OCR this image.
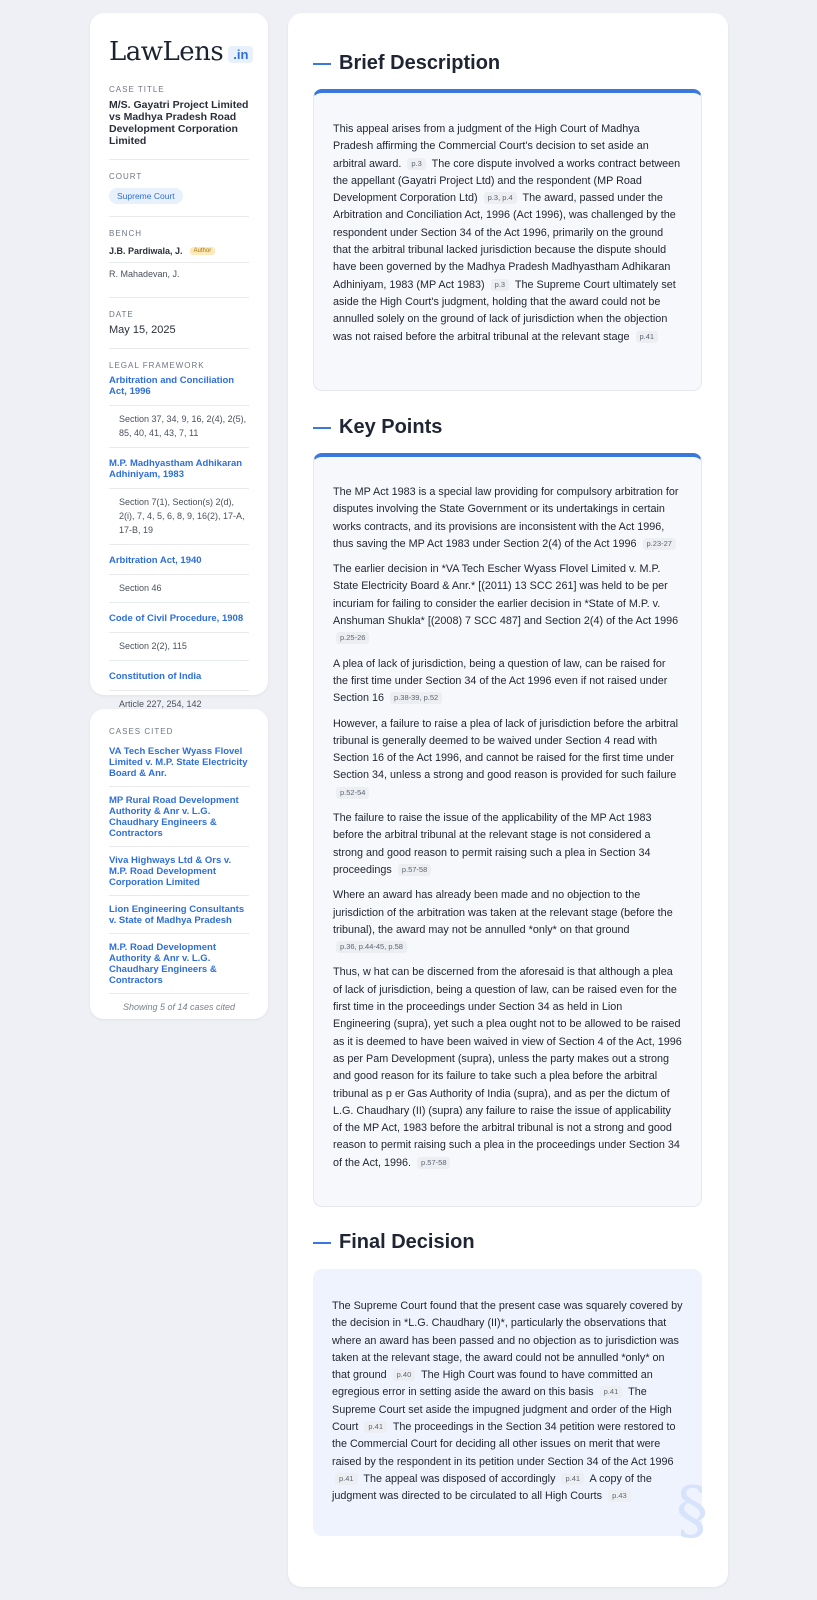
LawLens .in
CASE TITLE
M/S. Gayatri Project Limited vs Madhya Pradesh Road Development Corporation Limited
COURT
Supreme Court
BENCH
J.B. Pardiwala, J.	Author
R. Mahadevan, J.
DATE
May 15, 2025
LEGAL FRAMEWORK
Arbitration and Conciliation Act, 1996
Section 37, 34, 9, 16, 2(4), 2(5), 85, 40, 41, 43, 7, 11
M.P. Madhyastham Adhikaran Adhiniyam, 1983
Section 7(1), Section(s) 2(d), 2(i), 7, 4, 5, 6, 8, 9, 16(2), 17-A, 17-B, 19
Arbitration Act, 1940
Section 46
Code of Civil Procedure, 1908
Section 2(2), 115
Constitution of India
Article 227, 254, 142
CASES CITED
VA Tech Escher Wyass Flovel Limited v. M.P. State Electricity Board & Anr.
MP Rural Road Development Authority & Anr v. L.G. Chaudhary Engineers & Contractors
Viva Highways Ltd & Ors v. M.P. Road Development Corporation Limited
Lion Engineering Consultants v. State of Madhya Pradesh
M.P. Road Development Authority & Anr v. L.G. Chaudhary Engineers & Contractors
Showing 5 of 14 cases cited
Brief Description

This appeal arises from a judgment of the High Court of Madhya Pradesh affirming the Commercial Court's decision to set aside an arbitral award. p.3 The core dispute involved a works contract between the appellant (Gayatri Project Ltd) and the respondent (MP Road Development Corporation Ltd) p.3, p.4 The award, passed under the Arbitration and Conciliation Act, 1996 (Act 1996), was challenged by the respondent under Section 34 of the Act 1996, primarily on the ground that the arbitral tribunal lacked jurisdiction because the dispute should have been governed by the Madhya Pradesh Madhyastham Adhikaran Adhiniyam, 1983 (MP Act 1983) p.3 The Supreme Court ultimately set aside the High Court's judgment, holding that the award could not be annulled solely on the ground of lack of jurisdiction when the objection was not raised before the arbitral tribunal at the relevant stage p.41

Key Points

The MP Act 1983 is a special law providing for compulsory arbitration for disputes involving the State Government or its undertakings in certain works contracts, and its provisions are inconsistent with the Act 1996, thus saving the MP Act 1983 under Section 2(4) of the Act 1996 p.23-27

The earlier decision in *VA Tech Escher Wyass Flovel Limited v. M.P. State Electricity Board & Anr.* [(2011) 13 SCC 261] was held to be per incuriam for failing to consider the earlier decision in *State of M.P. v. Anshuman Shukla* [(2008) 7 SCC 487] and Section 2(4) of the Act 1996 p.25-26

A plea of lack of jurisdiction, being a question of law, can be raised for the first time under Section 34 of the Act 1996 even if not raised under Section 16 p.38-39, p.52

However, a failure to raise a plea of lack of jurisdiction before the arbitral tribunal is generally deemed to be waived under Section 4 read with Section 16 of the Act 1996, and cannot be raised for the first time under Section 34, unless a strong and good reason is provided for such failure p.52-54

The failure to raise the issue of the applicability of the MP Act 1983 before the arbitral tribunal at the relevant stage is not considered a strong and good reason to permit raising such a plea in Section 34 proceedings p.57-58

Where an award has already been made and no objection to the jurisdiction of the arbitration was taken at the relevant stage (before the tribunal), the award may not be annulled *only* on that ground p.36, p.44-45, p.58

Thus, w hat can be discerned from the aforesaid is that although a plea of lack of jurisdiction, being a question of law, can be raised even for the first time in the proceedings under Section 34 as held in Lion Engineering (supra), yet such a plea ought not to be allowed to be raised as it is deemed to have been waived in view of Section 4 of the Act, 1996 as per Pam Development (supra), unless the party makes out a strong and good reason for its failure to take such a plea before the arbitral tribunal as p er Gas Authority of India (supra), and as per the dictum of L.G. Chaudhary (II) (supra) any failure to raise the issue of applicability of the MP Act, 1983 before the arbitral tribunal is not a strong and good reason to permit raising such a plea in the proceedings under Section 34 of the Act, 1996. p.57-58

Final Decision

The Supreme Court found that the present case was squarely covered by the decision in *L.G. Chaudhary (II)*, particularly the observations that where an award has been passed and no objection as to jurisdiction was taken at the relevant stage, the award could not be annulled *only* on that ground p.40 The High Court was found to have committed an egregious error in setting aside the award on this basis p.41 The Supreme Court set aside the impugned judgment and order of the High Court p.41 The proceedings in the Section 34 petition were restored to the Commercial Court for deciding all other issues on merit that were raised by the respondent in its petition under Section 34 of the Act 1996 p.41 The appeal was disposed of accordingly p.41 A copy of the judgment was directed to be circulated to all High Courts p.43 §
